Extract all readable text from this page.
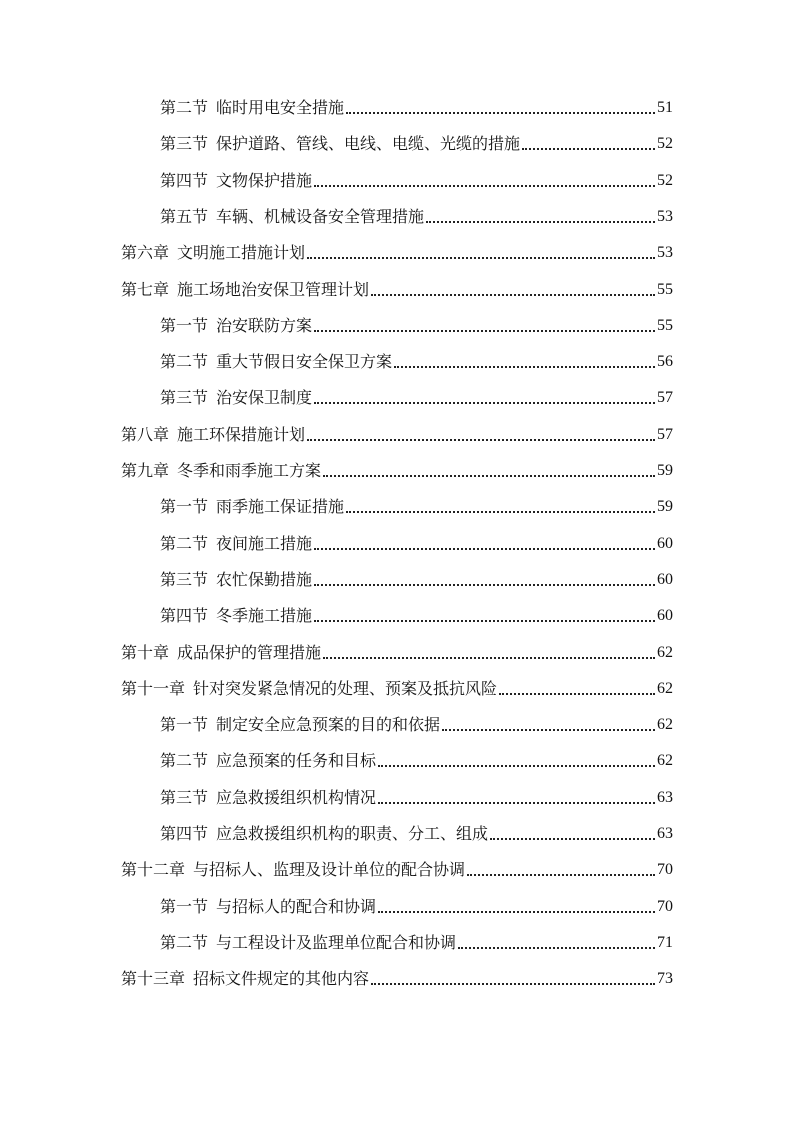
第二节 临时用电安全措施	51
第三节 保护道路、管线、电线、电缆、光缆的措施	52
第四节 文物保护措施	52
第五节 车辆、机械设备安全管理措施	53
第六章 文明施工措施计划	53
第七章 施工场地治安保卫管理计划	55
第一节 治安联防方案	55
第二节 重大节假日安全保卫方案	56
第三节 治安保卫制度	57
第八章 施工环保措施计划	57
第九章 冬季和雨季施工方案	59
第一节 雨季施工保证措施	59
第二节 夜间施工措施	60
第三节 农忙保勤措施	60
第四节 冬季施工措施	60
第十章 成品保护的管理措施	62
第十一章 针对突发紧急情况的处理、预案及抵抗风险	62
第一节 制定安全应急预案的目的和依据	62
第二节 应急预案的任务和目标	62
第三节 应急救援组织机构情况	63
第四节 应急救援组织机构的职责、分工、组成	63
第十二章 与招标人、监理及设计单位的配合协调	70
第一节 与招标人的配合和协调	70
第二节 与工程设计及监理单位配合和协调	71
第十三章 招标文件规定的其他内容	73
